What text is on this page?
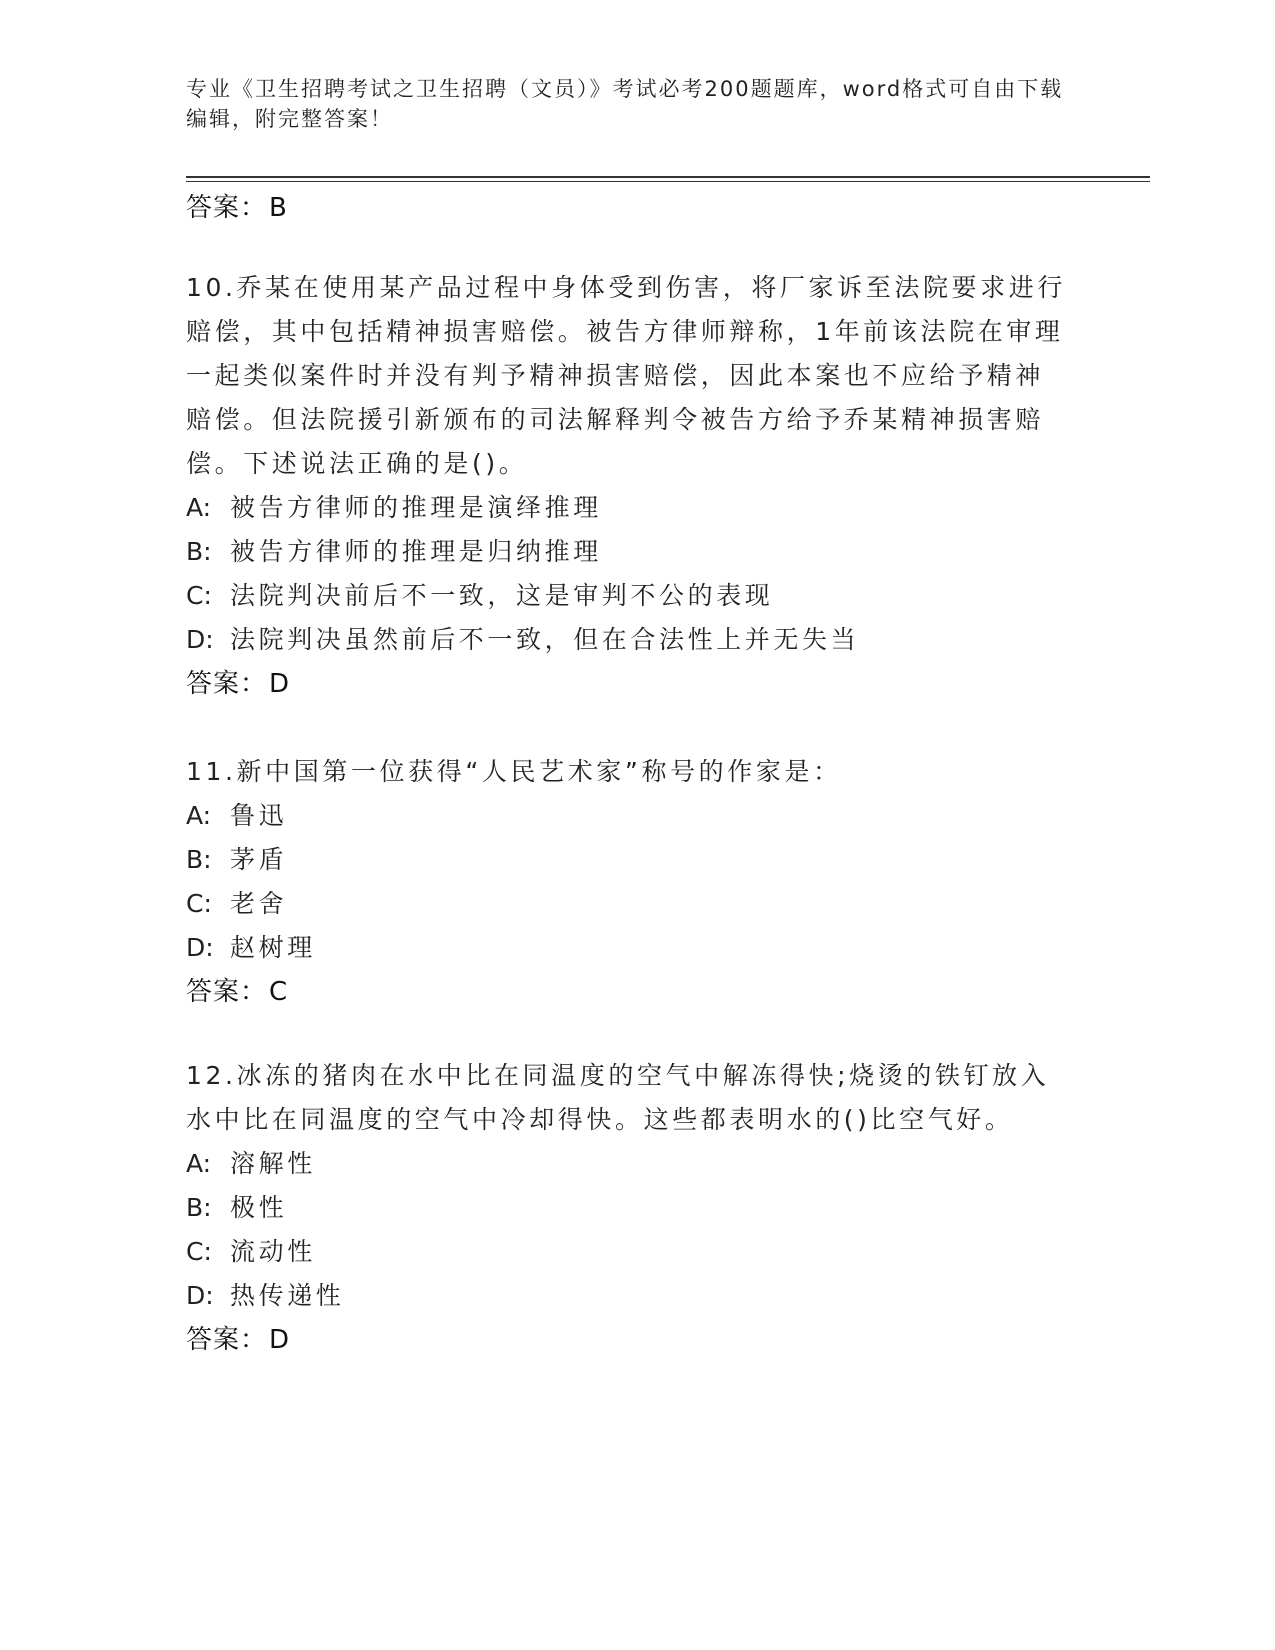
专业《卫生招聘考试之卫生招聘（文员）》考试必考200题题库，word格式可自由下载编辑，附完整答案！
答案：B
10.乔某在使用某产品过程中身体受到伤害，将厂家诉至法院要求进行
赔偿，其中包括精神损害赔偿。被告方律师辩称，1年前该法院在审理
一起类似案件时并没有判予精神损害赔偿，因此本案也不应给予精神
赔偿。但法院援引新颁布的司法解释判令被告方给予乔某精神损害赔
偿。下述说法正确的是()。
A: 被告方律师的推理是演绎推理
B: 被告方律师的推理是归纳推理
C: 法院判决前后不一致，这是审判不公的表现
D: 法院判决虽然前后不一致，但在合法性上并无失当
答案：D
11.新中国第一位获得“人民艺术家”称号的作家是：
A: 鲁迅
B: 茅盾
C: 老舍
D: 赵树理
答案：C
12.冰冻的猪肉在水中比在同温度的空气中解冻得快;烧烫的铁钉放入
水中比在同温度的空气中冷却得快。这些都表明水的()比空气好。
A: 溶解性
B: 极性
C: 流动性
D: 热传递性
答案：D
